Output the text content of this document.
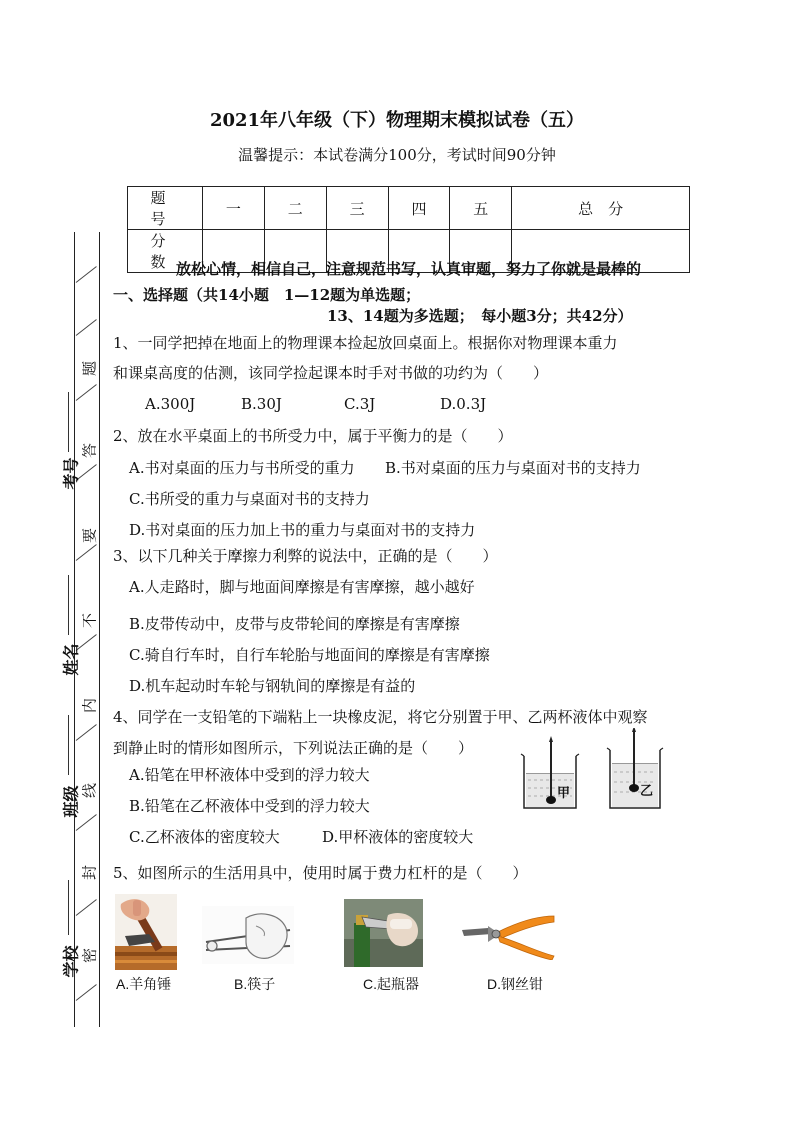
题
答
要
不
内
线
封
密
考号
姓名
班级
学校
2021年八年级（下）物理期末模拟试卷（五）
温馨提示：本试卷满分100分，考试时间90分钟
题　号	一	二	三	四	五	总　分
分　数						
放松心情，相信自己，注意规范书写，认真审题，努力了你就是最棒的
一、选择题（共14小题　1—12题为单选题；
13、14题为多选题；　每小题3分；共42分）
1、一同学把掉在地面上的物理课本捡起放回桌面上。根据你对物理课本重力
和课桌高度的估测，该同学捡起课本时手对书做的功约为（　　）
A.300J	B.30J	C.3J	D.0.3J
2、放在水平桌面上的书所受力中，属于平衡力的是（　　）
A.书对桌面的压力与书所受的重力 B.书对桌面的压力与桌面对书的支持力
C.书所受的重力与桌面对书的支持力
D.书对桌面的压力加上书的重力与桌面对书的支持力
3、以下几种关于摩擦力利弊的说法中，正确的是（　　）
A.人走路时，脚与地面间摩擦是有害摩擦，越小越好
B.皮带传动中，皮带与皮带轮间的摩擦是有害摩擦
C.骑自行车时，自行车轮胎与地面间的摩擦是有害摩擦
D.机车起动时车轮与钢轨间的摩擦是有益的
4、同学在一支铅笔的下端粘上一块橡皮泥，将它分别置于甲、乙两杯液体中观察
到静止时的情形如图所示，下列说法正确的是（　　）
A.铅笔在甲杯液体中受到的浮力较大
B.铅笔在乙杯液体中受到的浮力较大
C.乙杯液体的密度较大	D.甲杯液体的密度较大
甲	乙
5、如图所示的生活用具中，使用时属于费力杠杆的是（　　）
A.羊角锤	B.筷子	C.起瓶器	D.钢丝钳
